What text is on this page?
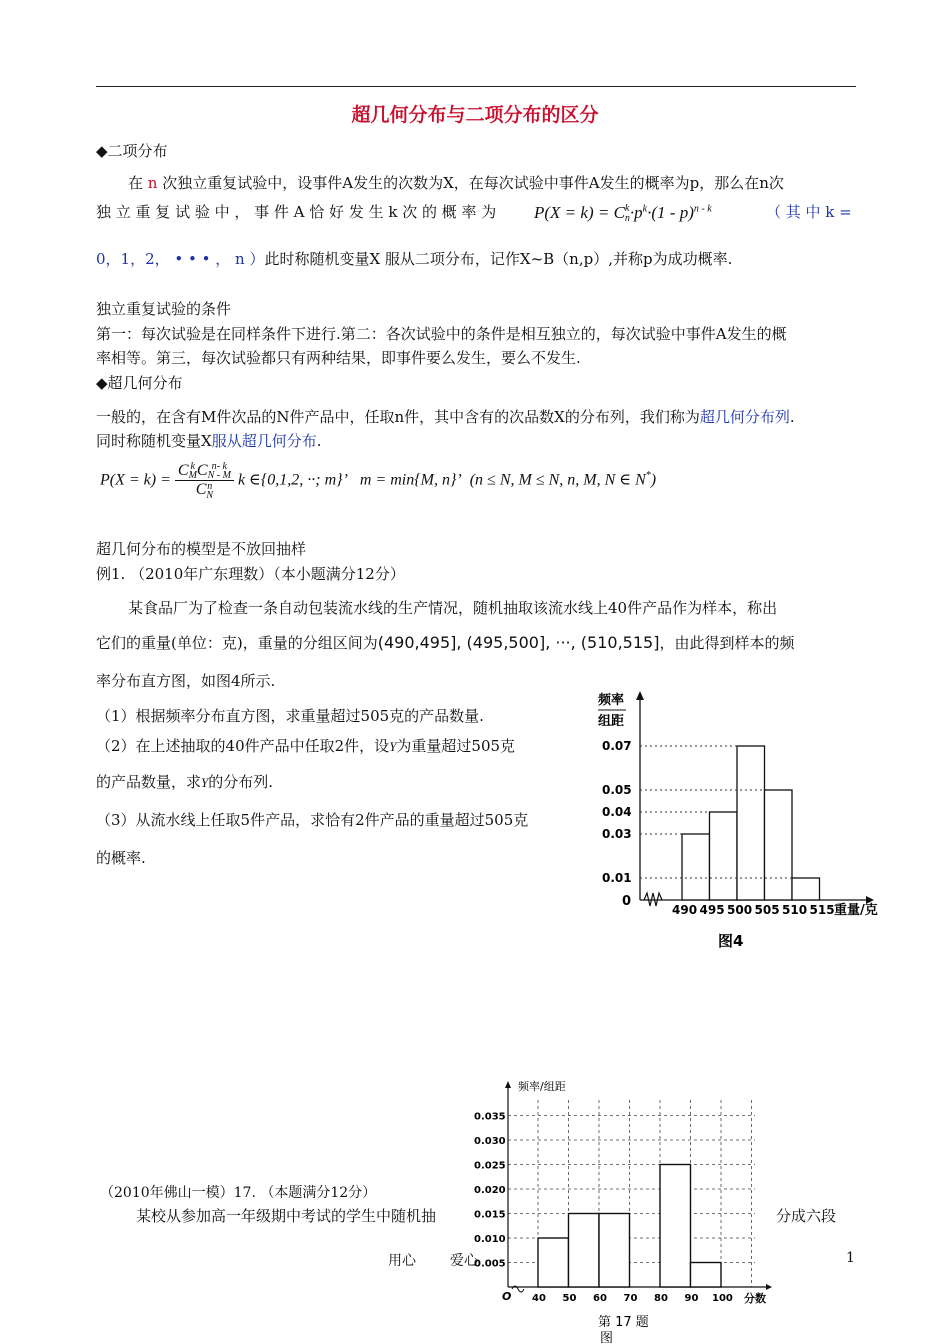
超几何分布与二项分布的区分
◆二项分布
在 n 次独立重复试验中，设事件A发生的次数为X，在每次试验中事件A发生的概率为p，那么在n次
独 立 重 复 试 验 中 ， 事 件 A 恰 好 发 生 k 次 的 概 率 为 P(X = k) = C k
$n \cdot p^k\cdot(1 - p)^{n - k}$	（ 其 中 k =
0，1，2， • • • ， n ）此时称随机变量X 服从二项分布，记作X~B（n,p）,并称p为成功概率.
独立重复试验的条件
第一：每次试验是在同样条件下进行.第二：各次试验中的条件是相互独立的，每次试验中事件A发生的概
率相等。第三，每次试验都只有两种结果，即事件要么发生，要么不发生.
◆超几何分布
一般的，在含有M件次品的N件产品中，任取n件，其中含有的次品数X的分布列，我们称为超几何分布列.
同时称随机变量X服从超几何分布.
P(X = k) = C k
M C n- k
N - M
C n
N k ∈{0,1,2, ··; m}’ m = min{M, n}’ (n ≤ N, M ≤ N, n, M, N ∈ N*)
超几何分布的模型是不放回抽样
例1. （2010年广东理数）（本小题满分12分）
某食品厂为了检查一条自动包装流水线的生产情况，随机抽取该流水线上40件产品作为样本，称出
它们的重量(单位：克)，重量的分组区间为(490,495], (495,500], ···, (510,515]，由此得到样本的频
率分布直方图，如图4所示.
（1）根据频率分布直方图，求重量超过505克的产品数量.
（2）在上述抽取的40件产品中任取2件，设Y为重量超过505克
的产品数量，求Y的分布列.
（3）从流水线上任取5件产品，求恰有2件产品的重量超过505克
的概率.
频率
组距
重量/克
图4
0
0.07
0.05
0.04
0.03
0.01
490 495 500 505 510 515
频率/组距
分数
O
第 17 题
图
0.035
0.030
0.025
0.020
0.015
0.010
0.005
40 50 60 70 80 90 100
（2010年佛山一模）17. （本题满分12分）
某校从参加高一年级期中考试的学生中随机抽	分成六段
用心 爱心	1
